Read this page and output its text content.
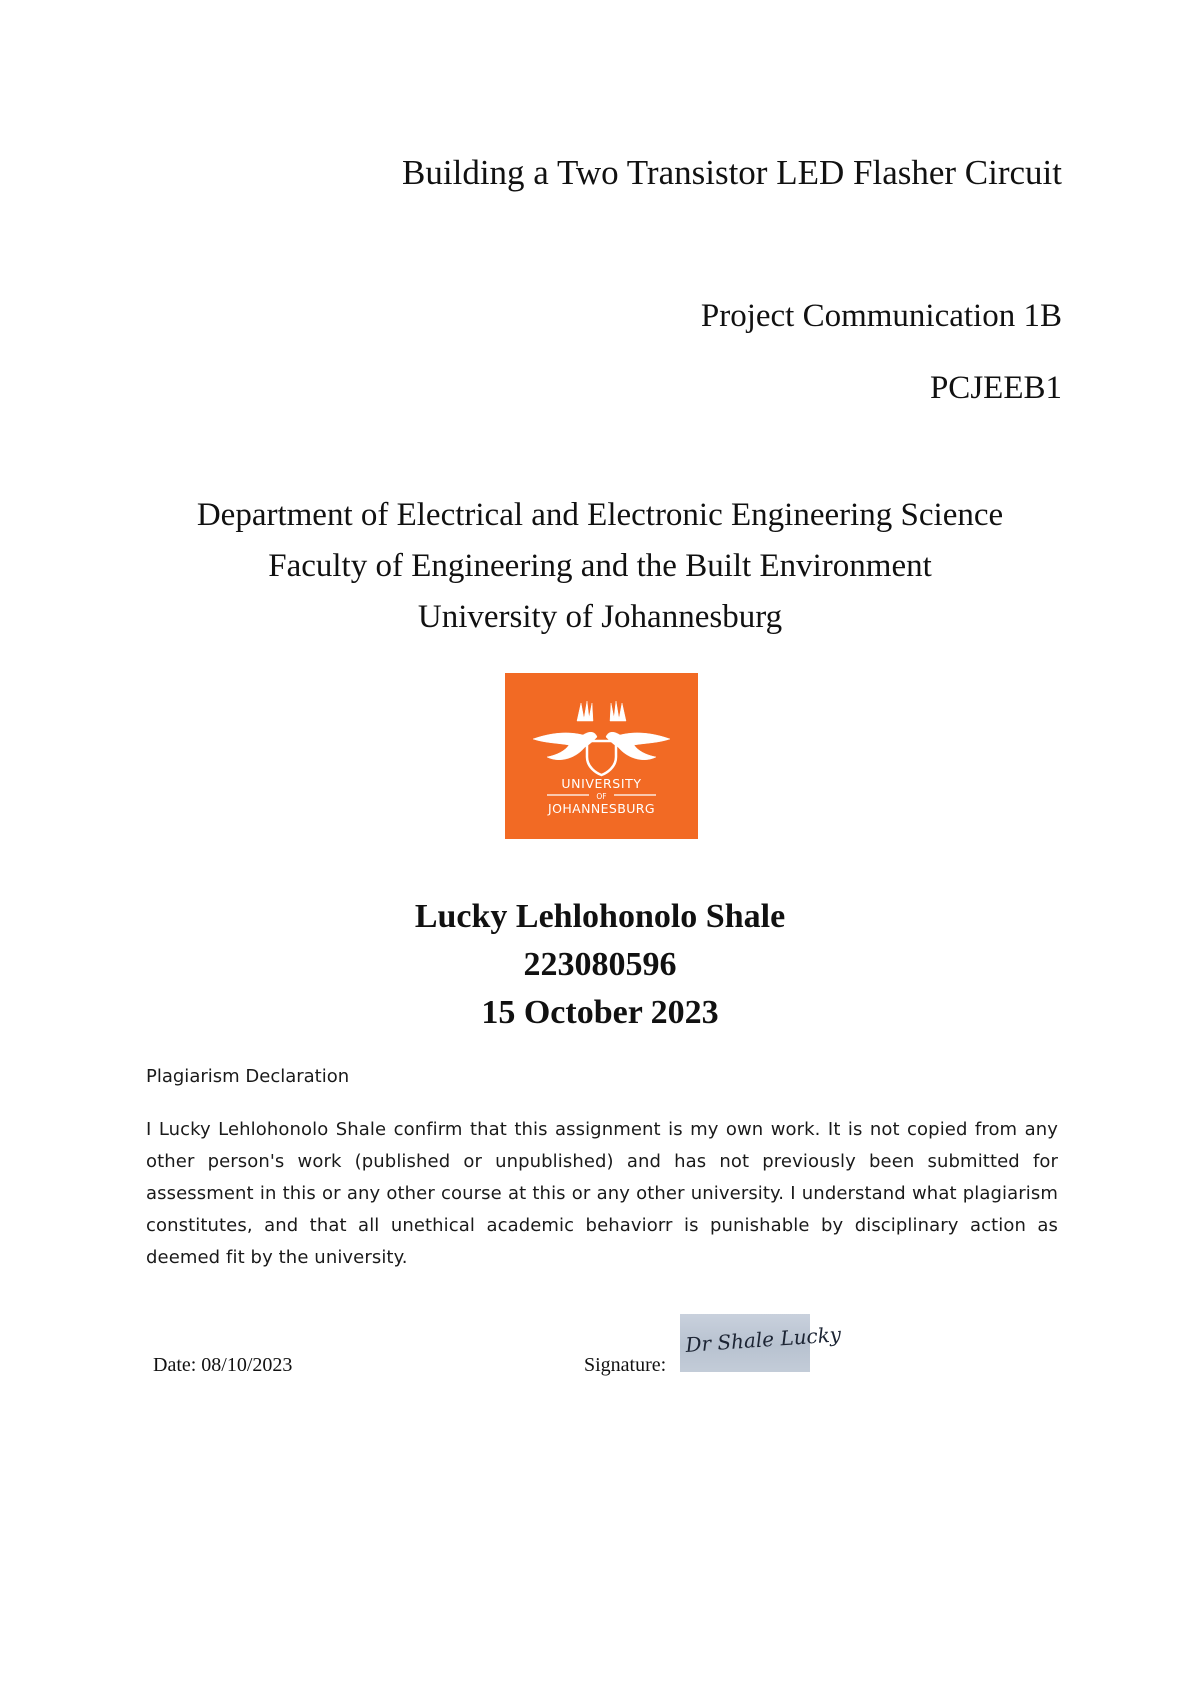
Building a Two Transistor LED Flasher Circuit
Project Communication 1B
PCJEEB1
Department of Electrical and Electronic Engineering Science
Faculty of Engineering and the Built Environment
University of Johannesburg
UNIVERSITY
OF
JOHANNESBURG
Lucky Lehlohonolo Shale
223080596
15 October 2023
Plagiarism Declaration
I Lucky Lehlohonolo Shale confirm that this assignment is my own work. It is not copied from any other person's work (published or unpublished) and has not previously been submitted for assessment in this or any other course at this or any other university. I understand what plagiarism constitutes, and that all unethical academic behaviorr is punishable by disciplinary action as deemed fit by the university.
Date: 08/10/2023	Signature:
Dr Shale Lucky
